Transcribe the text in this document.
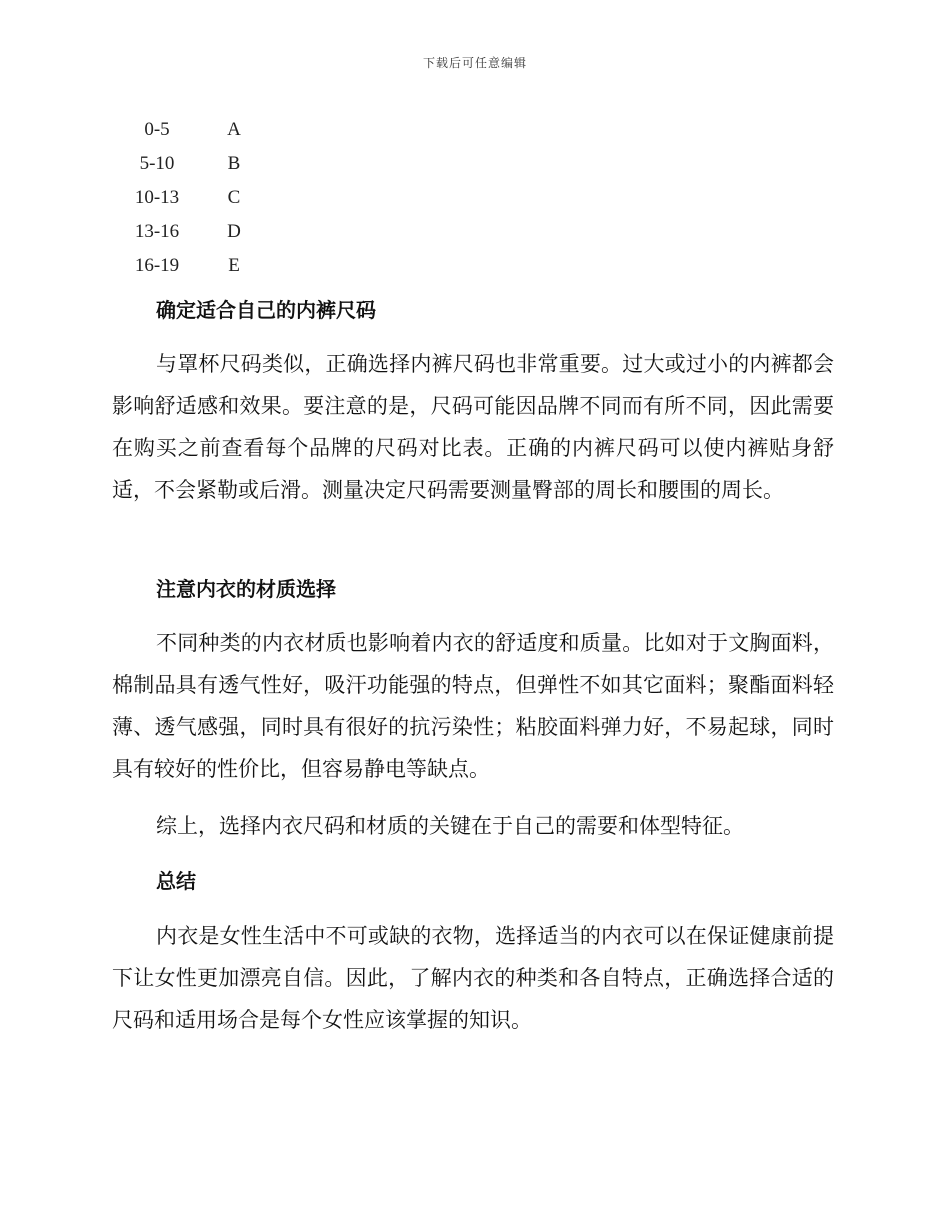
下载后可任意编辑
0-5	A
5-10	B
10-13	C
13-16	D
16-19	E
确定适合自己的内裤尺码

与罩杯尺码类似，正确选择内裤尺码也非常重要。过大或过小的内裤都会影响舒适感和效果。要注意的是，尺码可能因品牌不同而有所不同，因此需要在购买之前查看每个品牌的尺码对比表。正确的内裤尺码可以使内裤贴身舒适，不会紧勒或后滑。测量决定尺码需要测量臀部的周长和腰围的周长。

注意内衣的材质选择

不同种类的内衣材质也影响着内衣的舒适度和质量。比如对于文胸面料，棉制品具有透气性好，吸汗功能强的特点，但弹性不如其它面料；聚酯面料轻薄、透气感强，同时具有很好的抗污染性；粘胶面料弹力好，不易起球，同时具有较好的性价比，但容易静电等缺点。

综上，选择内衣尺码和材质的关键在于自己的需要和体型特征。

总结

内衣是女性生活中不可或缺的衣物，选择适当的内衣可以在保证健康前提下让女性更加漂亮自信。因此，了解内衣的种类和各自特点，正确选择合适的尺码和适用场合是每个女性应该掌握的知识。
